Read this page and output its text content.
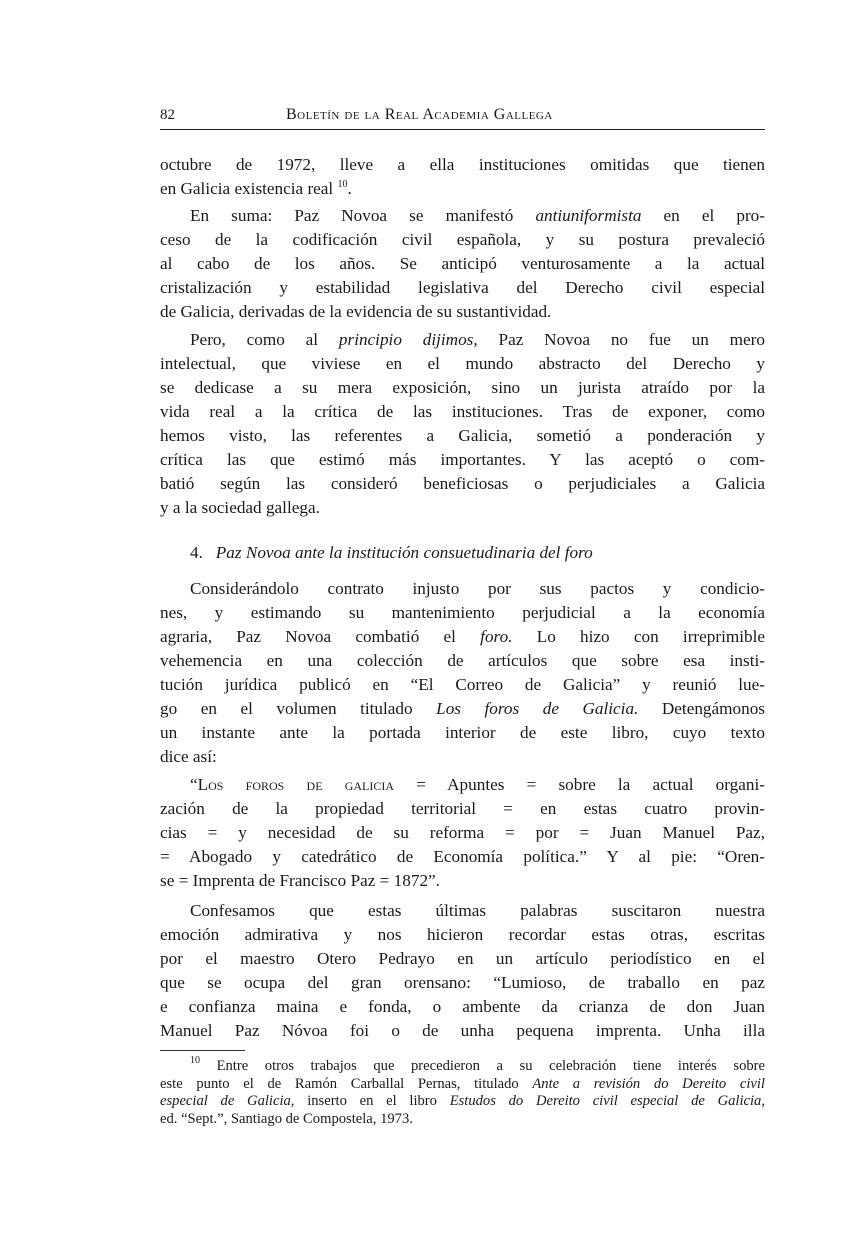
82	Boletín de la Real Academia Gallega
octubre de 1972, lleve a ella instituciones omitidas que tienen
en Galicia existencia real $^{10}$.
En suma: Paz Novoa se manifestó antiuniformista en el pro-
ceso de la codificación civil española, y su postura prevaleció
al cabo de los años. Se anticipó venturosamente a la actual
cristalización y estabilidad legislativa del Derecho civil especial
de Galicia, derivadas de la evidencia de su sustantividad.
Pero, como al principio dijimos, Paz Novoa no fue un mero
intelectual, que viviese en el mundo abstracto del Derecho y
se dedicase a su mera exposición, sino un jurista atraído por la
vida real a la crítica de las instituciones. Tras de exponer, como
hemos visto, las referentes a Galicia, sometió a ponderación y
crítica las que estimó más importantes. Y las aceptó o com-
batió según las consideró beneficiosas o perjudiciales a Galicia
y a la sociedad gallega.
4. Paz Novoa ante la institución consuetudinaria del foro
Considerándolo contrato injusto por sus pactos y condicio-
nes, y estimando su mantenimiento perjudicial a la economía
agraria, Paz Novoa combatió el foro. Lo hizo con irreprimible
vehemencia en una colección de artículos que sobre esa insti-
tución jurídica publicó en “El Correo de Galicia” y reunió lue-
go en el volumen titulado Los foros de Galicia. Detengámonos
un instante ante la portada interior de este libro, cuyo texto
dice así:
“Los foros de galicia = Apuntes = sobre la actual organi-
zación de la propiedad territorial = en estas cuatro provin-
cias = y necesidad de su reforma = por = Juan Manuel Paz,
= Abogado y catedrático de Economía política.” Y al pie: “Oren-
se = Imprenta de Francisco Paz = 1872”.
Confesamos que estas últimas palabras suscitaron nuestra
emoción admirativa y nos hicieron recordar estas otras, escritas
por el maestro Otero Pedrayo en un artículo periodístico en el
que se ocupa del gran orensano: “Lumioso, de traballo en paz
e confianza maina e fonda, o ambente da crianza de don Juan
Manuel Paz Nóvoa foi o de unha pequena imprenta. Unha illa
$^{10}$ Entre otros trabajos que precedieron a su celebración tiene interés sobre
este punto el de Ramón Carballal Pernas, titulado Ante a revisión do Dereito civil
especial de Galicia, inserto en el libro Estudos do Dereito civil especial de Galicia,
ed. “Sept.”, Santiago de Compostela, 1973.
